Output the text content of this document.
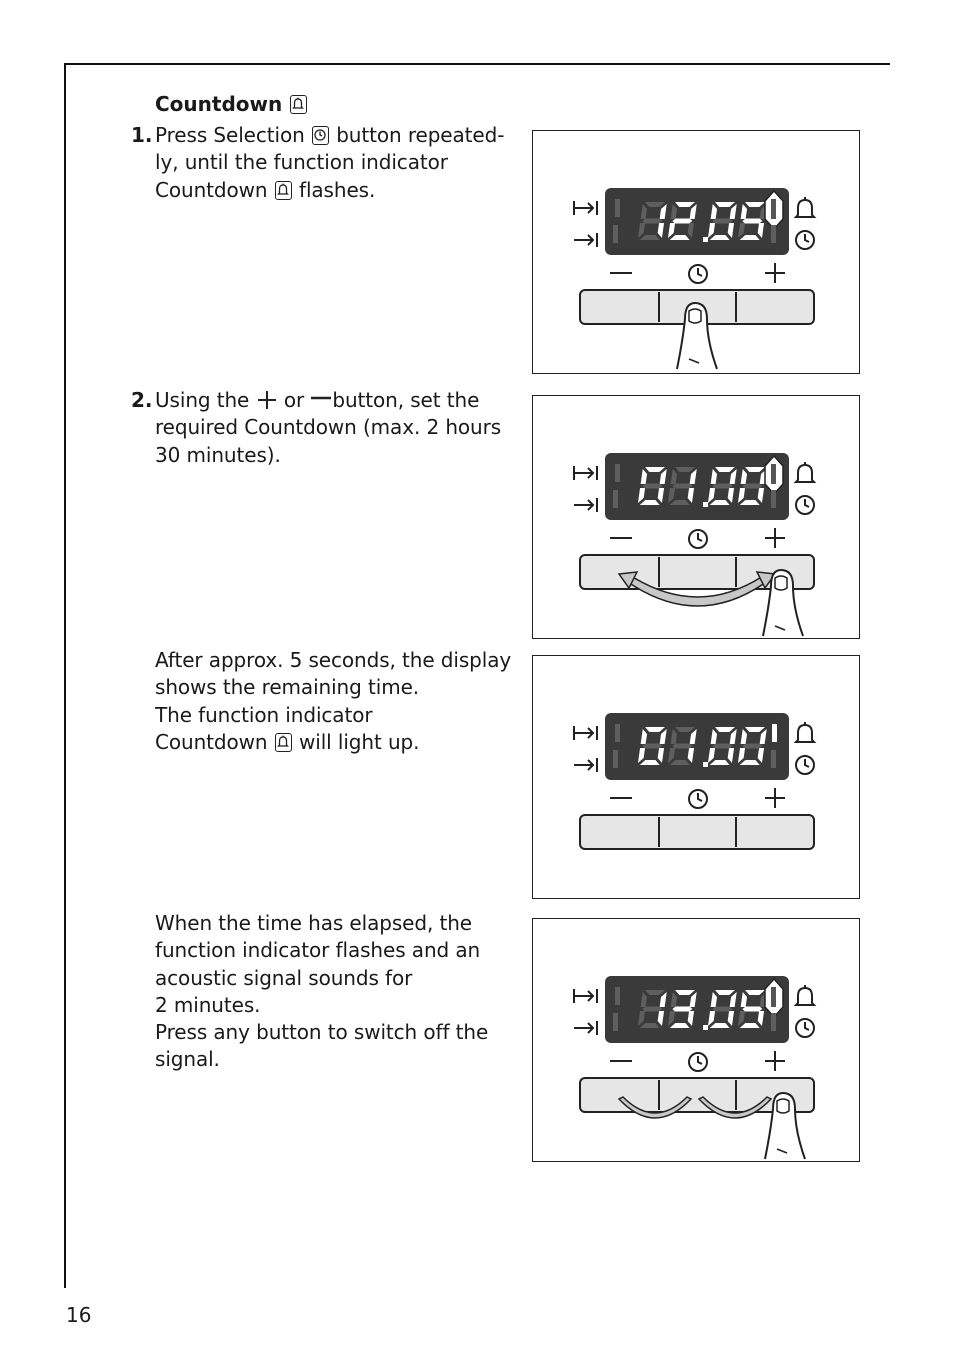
Countdown
1. Press Selection button repeated-
ly, until the function indicator
Countdown flashes.
2. Using the or button, set the
required Countdown (max. 2 hours
30 minutes).
After approx. 5 seconds, the display
shows the remaining time.
The function indicator
Countdown will light up.
When the time has elapsed, the
function indicator flashes and an
acoustic signal sounds for
2 minutes.
Press any button to switch off the
signal.
16
